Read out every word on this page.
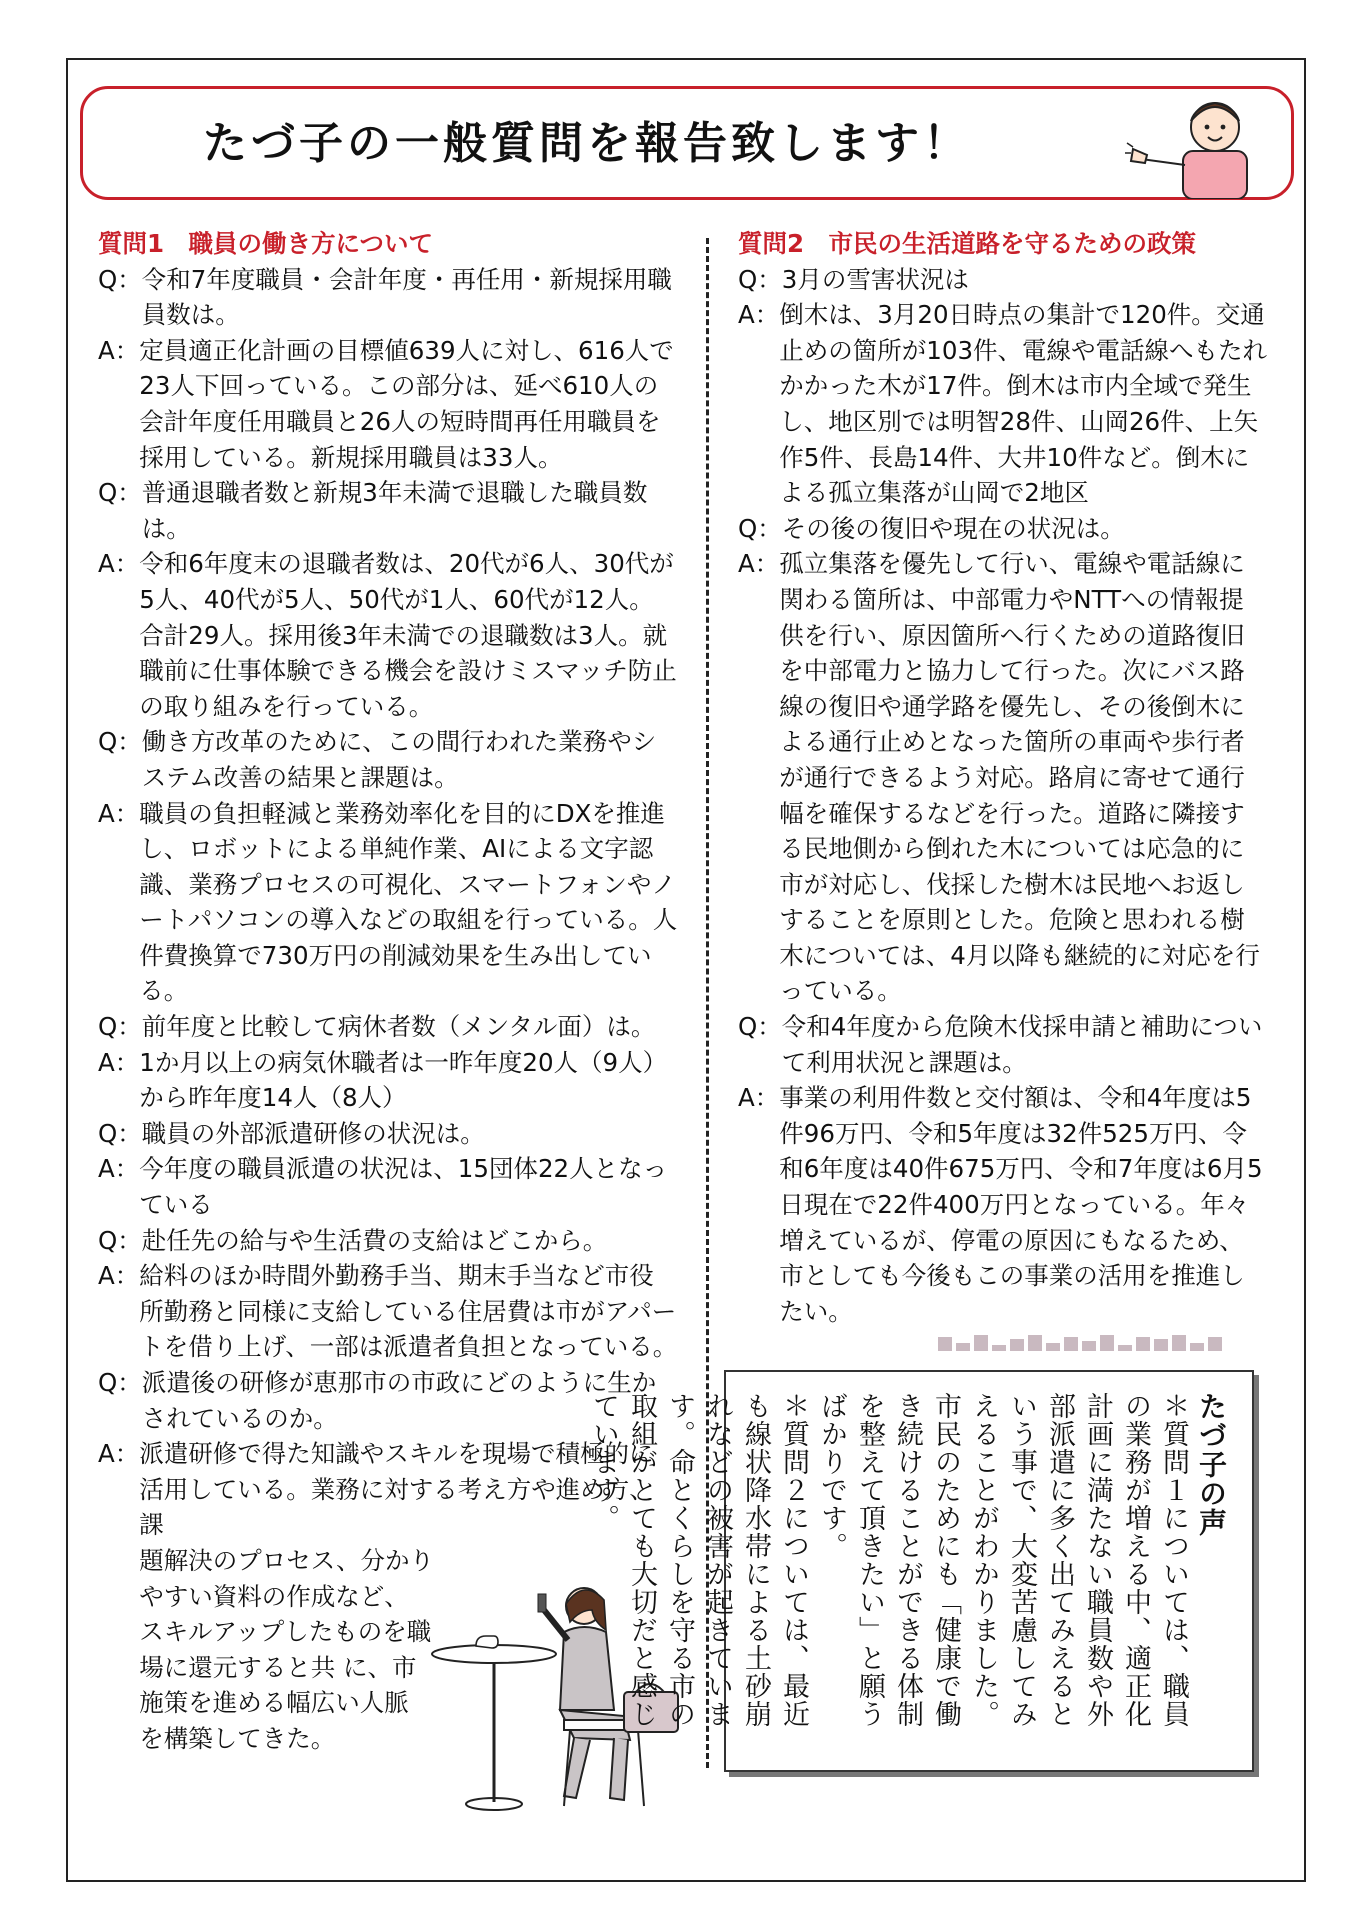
たづ子の一般質問を報告致します！
質問1　職員の働き方について
Q： 令和7年度職員・会計年度・再任用・新規採用職員数は。
A： 定員適正化計画の目標値639人に対し、616人で23人下回っている。この部分は、延べ610人の会計年度任用職員と26人の短時間再任用職員を採用している。新規採用職員は33人。
Q： 普通退職者数と新規3年未満で退職した職員数は。
A： 令和6年度末の退職者数は、20代が6人、30代が5人、40代が5人、50代が1人、60代が12人。合計29人。採用後3年未満での退職数は3人。就職前に仕事体験できる機会を設けミスマッチ防止の取り組みを行っている。
Q： 働き方改革のために、この間行われた業務やシステム改善の結果と課題は。
A： 職員の負担軽減と業務効率化を目的にDXを推進し、ロボットによる単純作業、AIによる文字認識、業務プロセスの可視化、スマートフォンやノートパソコンの導入などの取組を行っている。人件費換算で730万円の削減効果を生み出している。
Q： 前年度と比較して病休者数（メンタル面）は。
A： 1か月以上の病気休職者は一昨年度20人（9人）から昨年度14人（8人）
Q： 職員の外部派遣研修の状況は。
A： 今年度の職員派遣の状況は、15団体22人となっている
Q： 赴任先の給与や生活費の支給はどこから。
A： 給料のほか時間外勤務手当、期末手当など市役所勤務と同様に支給している住居費は市がアパートを借り上げ、一部は派遣者負担となっている。
Q： 派遣後の研修が恵那市の市政にどのように生かされているのか。
A： 派遣研修で得た知識やスキルを現場で積極的に
活用している。業務に対する考え方や進め方、課
題解決のプロセス、分かり
やすい資料の作成など、
スキルアップしたものを職
場に還元すると共 に、市
施策を進める幅広い人脈
を構築してきた。
質問2　市民の生活道路を守るための政策
Q： 3月の雪害状況は
A： 倒木は、3月20日時点の集計で120件。交通止めの箇所が103件、電線や電話線へもたれかかった木が17件。倒木は市内全域で発生し、地区別では明智28件、山岡26件、上矢作5件、長島14件、大井10件など。倒木による孤立集落が山岡で2地区
Q： その後の復旧や現在の状況は。
A： 孤立集落を優先して行い、電線や電話線に関わる箇所は、中部電力やNTTへの情報提供を行い、原因箇所へ行くための道路復旧を中部電力と協力して行った。次にバス路線の復旧や通学路を優先し、その後倒木による通行止めとなった箇所の車両や歩行者が通行できるよう対応。路肩に寄せて通行幅を確保するなどを行った。道路に隣接する民地側から倒れた木については応急的に市が対応し、伐採した樹木は民地へお返しすることを原則とした。危険と思われる樹木については、4月以降も継続的に対応を行っている。
Q： 令和4年度から危険木伐採申請と補助について利用状況と課題は。
A： 事業の利用件数と交付額は、令和4年度は5件96万円、令和5年度は32件525万円、令和6年度は40件675万円、令和7年度は6月5日現在で22件400万円となっている。年々増えているが、停電の原因にもなるため、市としても今後もこの事業の活用を推進したい。
たづ子の声
＊質問１については、職員の業務が増える中、適正化計画に満たない職員数や外部派遣に多く出てみえるという事で、大変苦慮してみえることがわかりました。市民のためにも「健康で働き続けることができる体制を整えて頂きたい」と願うばかりです。
＊質問２については、最近も線状降水帯による土砂崩れなどの被害が起きています。命とくらしを守る市の取組がとても大切だと感じています。
